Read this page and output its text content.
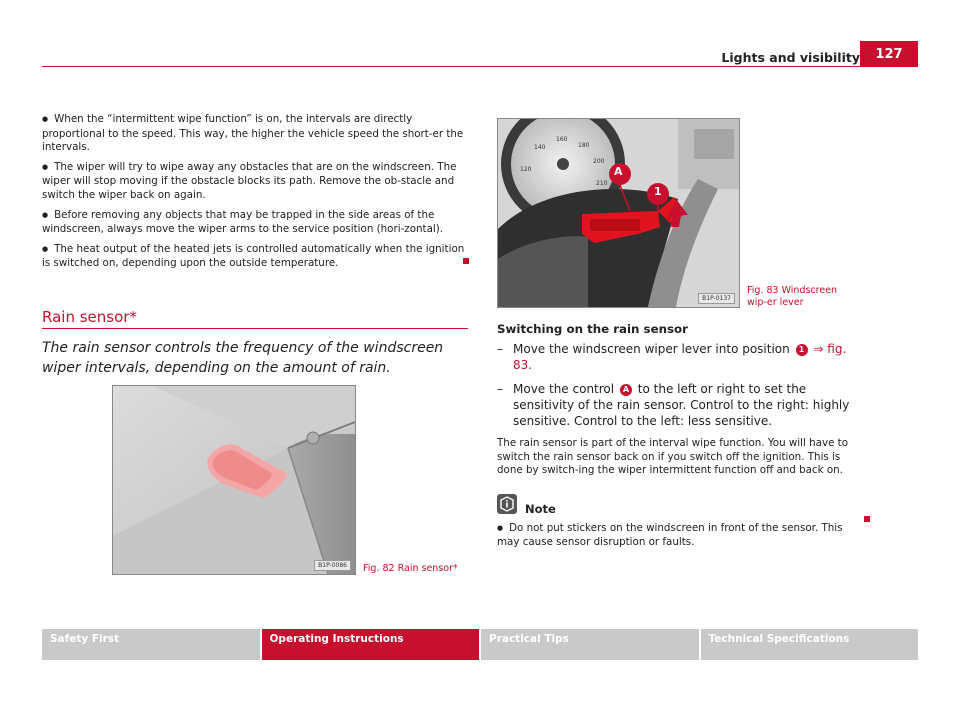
Lights and visibility	127

● When the “intermittent wipe function” is on, the intervals are directly proportional to the speed. This way, the higher the vehicle speed the short-er the intervals.

● The wiper will try to wipe away any obstacles that are on the windscreen. The wiper will stop moving if the obstacle blocks its path. Remove the ob-stacle and switch the wiper back on again.

● Before removing any objects that may be trapped in the side areas of the windscreen, always move the wiper arms to the service position (hori-zontal).

● The heat output of the heated jets is controlled automatically when the ignition is switched on, depending upon the outside temperature.

Rain sensor*
The rain sensor controls the frequency of the windscreen wiper intervals, depending on the amount of rain.
B1P-0086	Fig. 82 Rain sensor*
120
140
160
180
200
210
A
1
B1P-0137
Fig. 83 Windscreen wip-er lever
Switching on the rain sensor
– Move the windscreen wiper lever into position 1 ⇒ fig. 83.
– Move the control A to the left or right to set the sensitivity of the rain sensor. Control to the right: highly sensitive. Control to the left: less sensitive.

The rain sensor is part of the interval wipe function. You will have to switch the rain sensor back on if you switch off the ignition. This is done by switch-ing the wiper intermittent function off and back on.

Note

● Do not put stickers on the windscreen in front of the sensor. This may cause sensor disruption or faults.

Safety First	Operating Instructions	Practical Tips	Technical Specifications
